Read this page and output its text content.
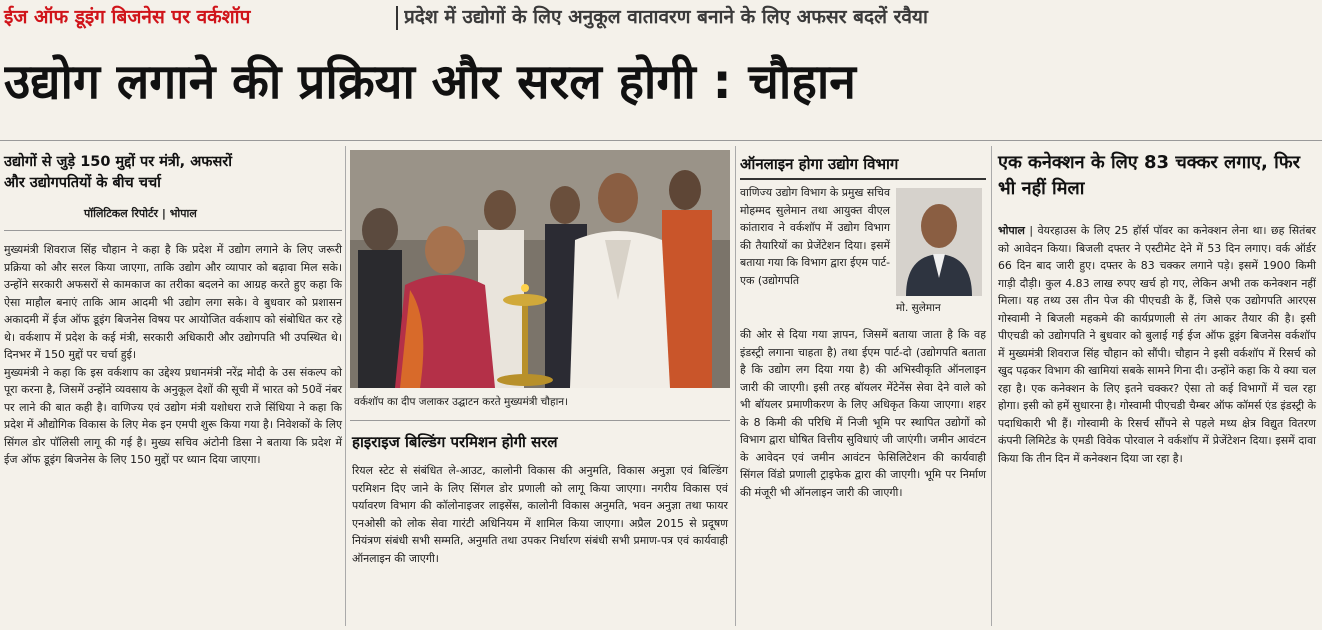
ईज ऑफ डूइंग बिजनेस पर वर्कशॉप	प्रदेश में उद्योगों के लिए अनुकूल वातावरण बनाने के लिए अफसर बदलें रवैया
उद्योग लगाने की प्रक्रिया और सरल होगी : चौहान
उद्योगों से जुड़े 150 मुद्दों पर मंत्री, अफसरों और उद्योगपतियों के बीच चर्चा
पॉलिटिकल रिपोर्टर | भोपाल

मुख्यमंत्री शिवराज सिंह चौहान ने कहा है कि प्रदेश में उद्योग लगाने के लिए जरूरी प्रक्रिया को और सरल किया जाएगा, ताकि उद्योग और व्यापार को बढ़ावा मिल सके। उन्होंने सरकारी अफसरों से कामकाज का तरीका बदलने का आग्रह करते हुए कहा कि ऐसा माहौल बनाएं ताकि आम आदमी भी उद्योग लगा सके। वे बुधवार को प्रशासन अकादमी में ईज ऑफ डूइंग बिजनेस विषय पर आयोजित वर्कशाप को संबोधित कर रहे थे। वर्कशाप में प्रदेश के कई मंत्री, सरकारी अधिकारी और उद्योगपति भी उपस्थित थे। दिनभर में 150 मुद्दों पर चर्चा हुई।

मुख्यमंत्री ने कहा कि इस वर्कशाप का उद्देश्य प्रधानमंत्री नरेंद्र मोदी के उस संकल्प को पूरा करना है, जिसमें उन्होंने व्यवसाय के अनुकूल देशों की सूची में भारत को 50वें नंबर पर लाने की बात कही है। वाणिज्य एवं उद्योग मंत्री यशोधरा राजे सिंधिया ने कहा कि प्रदेश में औद्योगिक विकास के लिए मेक इन एमपी शुरू किया गया है। निवेशकों के लिए सिंगल डोर पॉलिसी लागू की गई है। मुख्य सचिव अंटोनी डिसा ने बताया कि प्रदेश में ईज ऑफ डूइंग बिजनेस के लिए 150 मुद्दों पर ध्यान दिया जाएगा।

वर्कशॉप का दीप जलाकर उद्घाटन करते मुख्यमंत्री चौहान।
हाइराइज बिल्डिंग परमिशन होगी सरल
रियल स्टेट से संबंधित ले-आउट, कालोनी विकास की अनुमति, विकास अनुज्ञा एवं बिल्डिंग परमिशन दिए जाने के लिए सिंगल डोर प्रणाली को लागू किया जाएगा। नगरीय विकास एवं पर्यावरण विभाग की कॉलोनाइजर लाइसेंस, कालोनी विकास अनुमति, भवन अनुज्ञा तथा फायर एनओसी को लोक सेवा गारंटी अधिनियम में शामिल किया जाएगा। अप्रैल 2015 से प्रदूषण नियंत्रण संबंधी सभी सम्मति, अनुमति तथा उपकर निर्धारण संबंधी सभी प्रमाण-पत्र एवं कार्यवाही ऑनलाइन की जाएगी।
ऑनलाइन होगा उद्योग विभाग
वाणिज्य उद्योग विभाग के प्रमुख सचिव मोहम्मद सुलेमान तथा आयुक्त वीएल कांताराव ने वर्कशॉप में उद्योग विभाग की तैयारियों का प्रेजेंटेशन दिया। इसमें बताया गया कि विभाग द्वारा ईएम पार्ट-एक (उद्योगपति
मो. सुलेमान
की ओर से दिया गया ज्ञापन, जिसमें बताया जाता है कि वह इंडस्ट्री लगाना चाहता है) तथा ईएम पार्ट-दो (उद्योगपति बताता है कि उद्योग लग दिया गया है) की अभिस्वीकृति ऑनलाइन जारी की जाएगी। इसी तरह बॉयलर मेंटेनेंस सेवा देने वाले को भी बॉयलर प्रमाणीकरण के लिए अधिकृत किया जाएगा। शहर के 8 किमी की परिधि में निजी भूमि पर स्थापित उद्योगों को विभाग द्वारा घोषित वित्तीय सुविधाएं जी जाएंगी। जमीन आवंटन के आवेदन एवं जमीन आवंटन फेसिलिटेशन की कार्यवाही सिंगल विंडो प्रणाली ट्राइफेक द्वारा की जाएगी। भूमि पर निर्माण की मंजूरी भी ऑनलाइन जारी की जाएगी।
एक कनेक्शन के लिए 83 चक्कर लगाए, फिर भी नहीं मिला
भोपाल | वेयरहाउस के लिए 25 हॉर्स पॉवर का कनेक्शन लेना था। छह सितंबर को आवेदन किया। बिजली दफ्तर ने एस्टीमेट देने में 53 दिन लगाए। वर्क ऑर्डर 66 दिन बाद जारी हुए। दफ्तर के 83 चक्कर लगाने पड़े। इसमें 1900 किमी गाड़ी दौड़ी। कुल 4.83 लाख रुपए खर्च हो गए, लेकिन अभी तक कनेक्शन नहीं मिला। यह तथ्य उस तीन पेज की पीएचडी के हैं, जिसे एक उद्योगपति आरएस गोस्वामी ने बिजली महकमे की कार्यप्रणाली से तंग आकर तैयार की है। इसी पीएचडी को उद्योगपति ने बुधवार को बुलाई गई ईज ऑफ डूइंग बिजनेस वर्कशॉप में मुख्यमंत्री शिवराज सिंह चौहान को सौंपी। चौहान ने इसी वर्कशॉप में रिसर्च को खुद पढ़कर विभाग की खामियां सबके सामने गिना दी। उन्होंने कहा कि ये क्या चल रहा है। एक कनेक्शन के लिए इतने चक्कर? ऐसा तो कई विभागों में चल रहा होगा। इसी को हमें सुधारना है। गोस्वामी पीएचडी चैम्बर ऑफ कॉमर्स एंड इंडस्ट्री के पदाधिकारी भी हैं। गोस्वामी के रिसर्च सौंपने से पहले मध्य क्षेत्र विद्युत वितरण कंपनी लिमिटेड के एमडी विवेक पोरवाल ने वर्कशॉप में प्रेजेंटेशन दिया। इसमें दावा किया कि तीन दिन में कनेक्शन दिया जा रहा है।
